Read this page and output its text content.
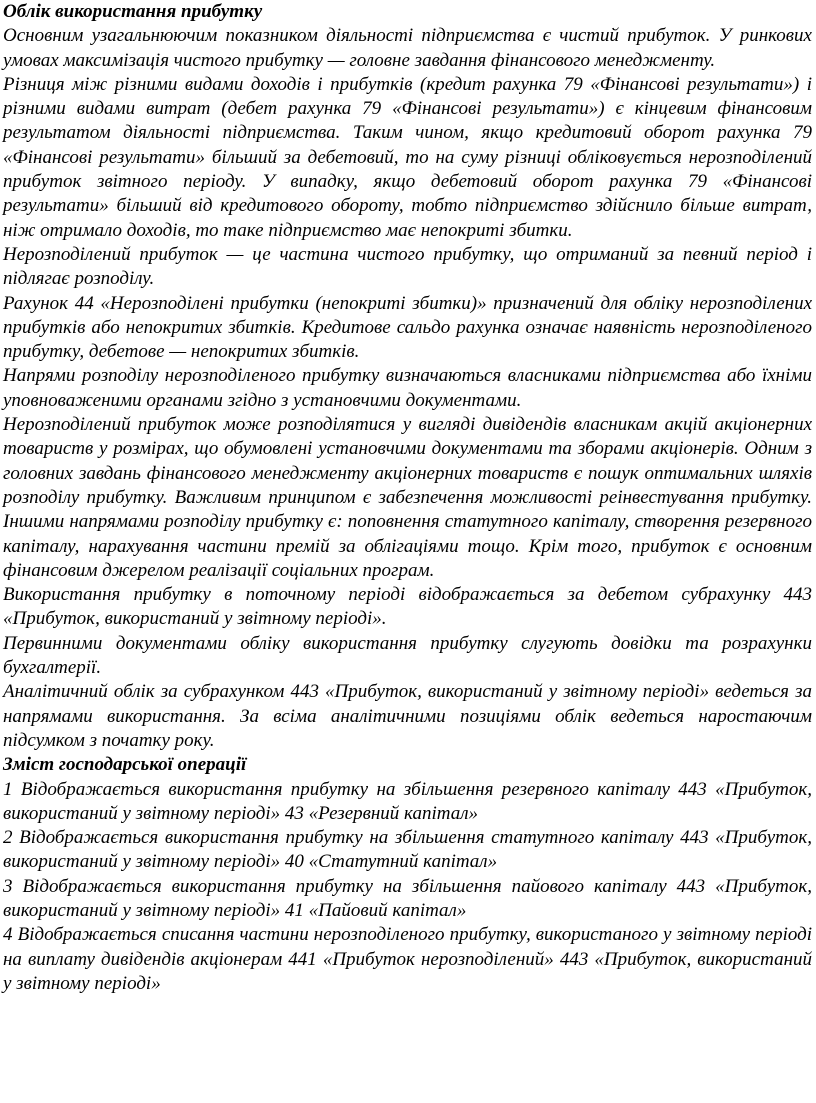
Облік використання прибутку

Основним узагальнюючим показником діяльності підприємства є чистий прибуток. У ринкових умовах максимізація чистого прибутку — головне завдання фінансового менеджменту.

Різниця між різними видами доходів і прибутків (кредит рахунка 79 «Фінансові результати») і різними видами витрат (дебет рахунка 79 «Фінансові результати») є кінцевим фінансовим результатом діяльності підприємства. Таким чином, якщо кредитовий оборот рахунка 79 «Фінансові результати» більший за дебетовий, то на суму різниці обліковується нерозподілений прибуток звітного періоду. У випадку, якщо дебетовий оборот рахунка 79 «Фінансові результати» більший від кредитового обороту, тобто підприємство здійснило більше витрат, ніж отримало доходів, то таке підприємство має непокриті збитки.

Нерозподілений прибуток — це частина чистого прибутку, що отриманий за певний період і підлягає розподілу.

Рахунок 44 «Нерозподілені прибутки (непокриті збитки)» призначений для обліку нерозподілених прибутків або непокритих збитків. Кредитове сальдо рахунка означає наявність нерозподіленого прибутку, дебетове — непокритих збитків.

Напрями розподілу нерозподіленого прибутку визначаються власниками підприємства або їхніми уповноваженими органами згідно з установчими документами.

Нерозподілений прибуток може розподілятися у вигляді дивідендів власникам акцій акціонерних товариств у розмірах, що обумовлені установчими документами та зборами акціонерів. Одним з головних завдань фінансового менеджменту акціонерних товариств є пошук оптимальних шляхів розподілу прибутку. Важливим принципом є забезпечення можливості реінвестування прибутку. Іншими напрямами розподілу прибутку є: поповнення статутного капіталу, створення резервного капіталу, нарахування частини премій за облігаціями тощо. Крім того, прибуток є основним фінансовим джерелом реалізації соціальних програм.

Використання прибутку в поточному періоді відображається за дебетом субрахунку 443 «Прибуток, використаний у звітному періоді».

Первинними документами обліку використання прибутку слугують довідки та розрахунки бухгалтерії.

Аналітичний облік за субрахунком 443 «Прибуток, використаний у звітному періоді» ведеться за напрямами використання. За всіма аналітичними позиціями облік ведеться наростаючим підсумком з початку року.

Зміст господарської операції

1 Відображається використання прибутку на збільшення резервного капіталу 443 «Прибуток, використаний у звітному періоді» 43 «Резервний капітал»

2 Відображається використання прибутку на збільшення статутного капіталу 443 «Прибуток, використаний у звітному періоді» 40 «Статутний капітал»

3 Відображається використання прибутку на збільшення пайового капіталу 443 «Прибуток, використаний у звітному періоді» 41 «Пайовий капітал»

4 Відображається списання частини нерозподіленого прибутку, використаного у звітному періоді на виплату дивідендів акціонерам 441 «Прибуток нерозподілений» 443 «Прибуток, використаний у звітному періоді»
